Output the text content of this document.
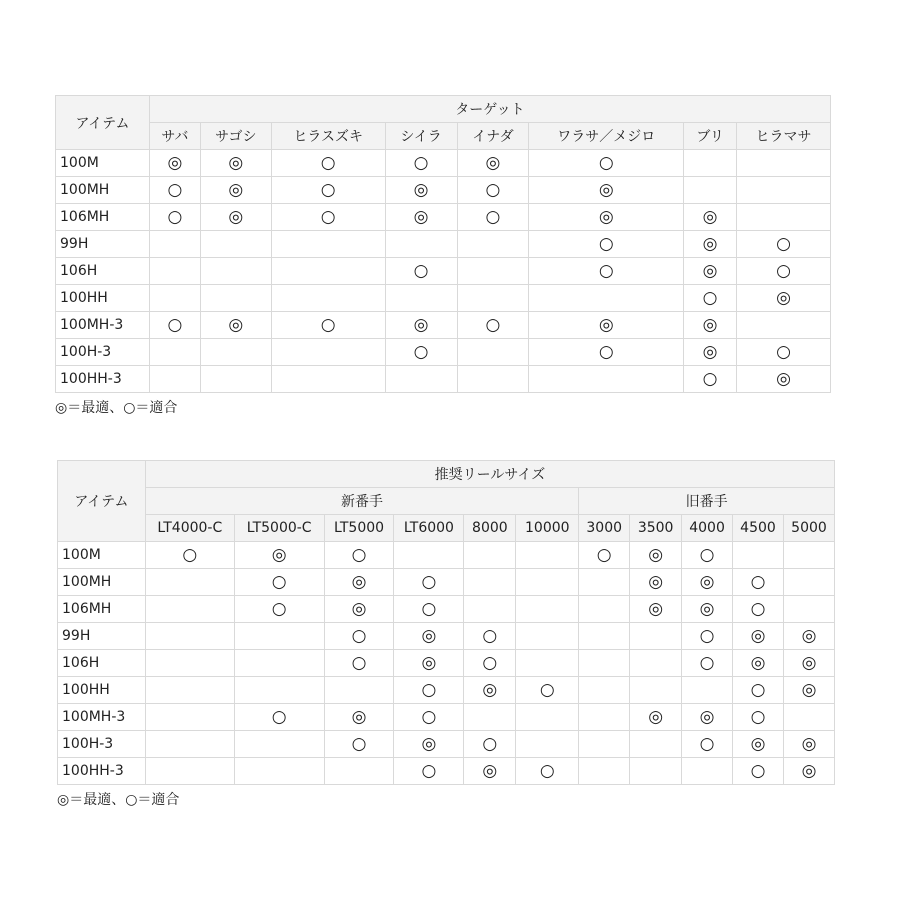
アイテム	ターゲット							
	サバ	サゴシ	ヒラスズキ	シイラ	イナダ	ワラサ／メジロ	ブリ	ヒラマサ
100M	◎	◎	○	○	◎	○		
100MH	○	◎	○	◎	○	◎		
106MH	○	◎	○	◎	○	◎	◎	
99H						○	◎	○
106H				○		○	◎	○
100HH							○	◎
100MH-3	○	◎	○	◎	○	◎	◎	
100H-3				○		○	◎	○
100HH-3							○	◎
◎＝最適、○＝適合
アイテム	推奨リールサイズ										
	新番手						旧番手				
	LT4000-C	LT5000-C	LT5000	LT6000	8000	10000	3000	3500	4000	4500	5000
100M	○	◎	○				○	◎	○		
100MH		○	◎	○				◎	◎	○	
106MH		○	◎	○				◎	◎	○	
99H			○	◎	○				○	◎	◎
106H			○	◎	○				○	◎	◎
100HH				○	◎	○				○	◎
100MH-3		○	◎	○				◎	◎	○	
100H-3			○	◎	○				○	◎	◎
100HH-3				○	◎	○				○	◎
◎＝最適、○＝適合
